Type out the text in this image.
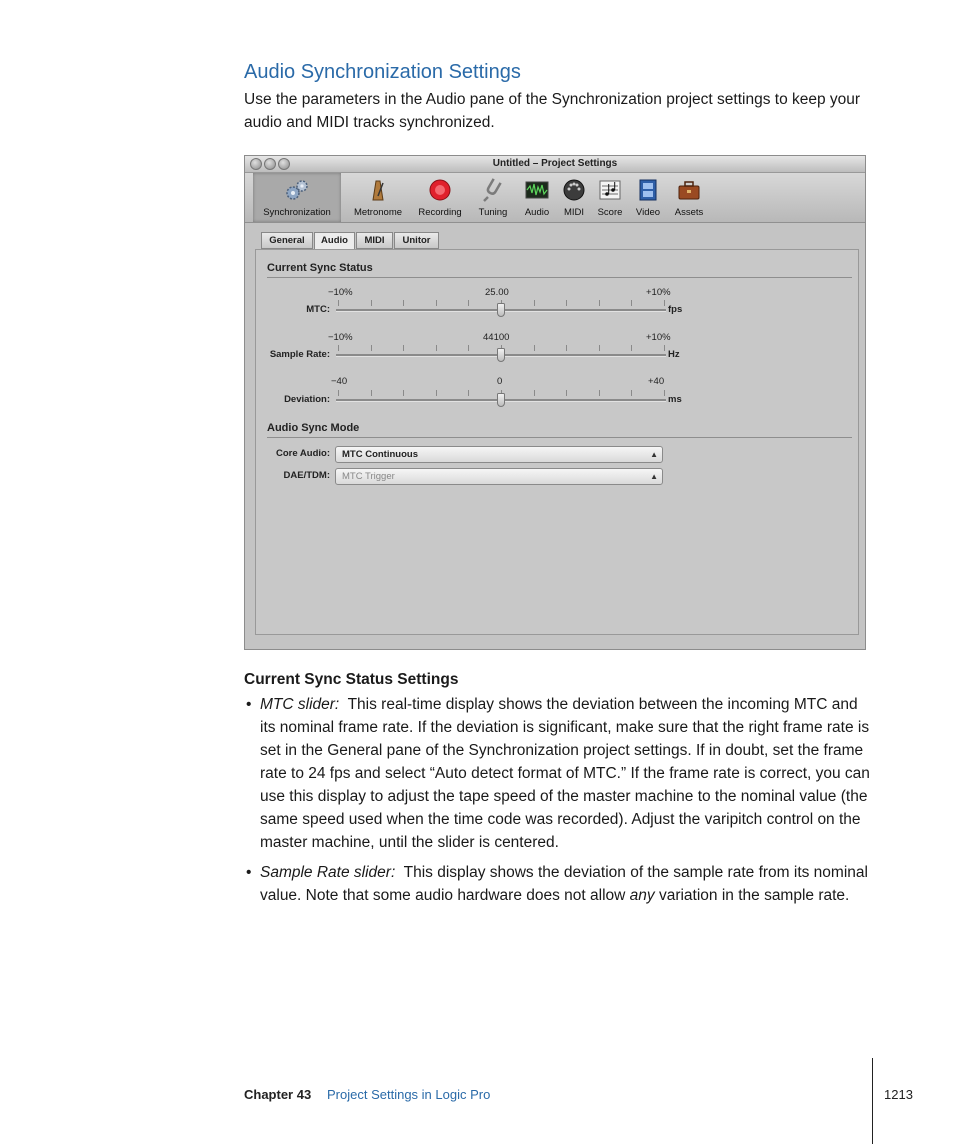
Audio Synchronization Settings

Use the parameters in the Audio pane of the Synchronization project settings to keep your audio and MIDI tracks synchronized.

Untitled – Project Settings
Synchronization	Metronome	Recording	Tuning	Audio	MIDI	Score	Video	Assets
General	Audio	MIDI	Unitor
Current Sync Status
−10%	25.00	+10%
MTC:	fps
−10%	44100	+10%
Sample Rate:	Hz
−40	0	+40
Deviation:	ms
Audio Sync Mode
Core Audio:	MTC Continuous	▲

DAE/TDM:	MTC Trigger	▲
Current Sync Status Settings

• MTC slider: This real-time display shows the deviation between the incoming MTC and its nominal frame rate. If the deviation is significant, make sure that the right frame rate is set in the General pane of the Synchronization project settings. If in doubt, set the frame rate to 24 fps and select “Auto detect format of MTC.” If the frame rate is correct, you can use this display to adjust the tape speed of the master machine to the nominal value (the same speed used when the time code was recorded). Adjust the varipitch control on the master machine, until the slider is centered.

• Sample Rate slider: This display shows the deviation of the sample rate from its nominal value. Note that some audio hardware does not allow any variation in the sample rate.

Chapter 43 Project Settings in Logic Pro	1213
